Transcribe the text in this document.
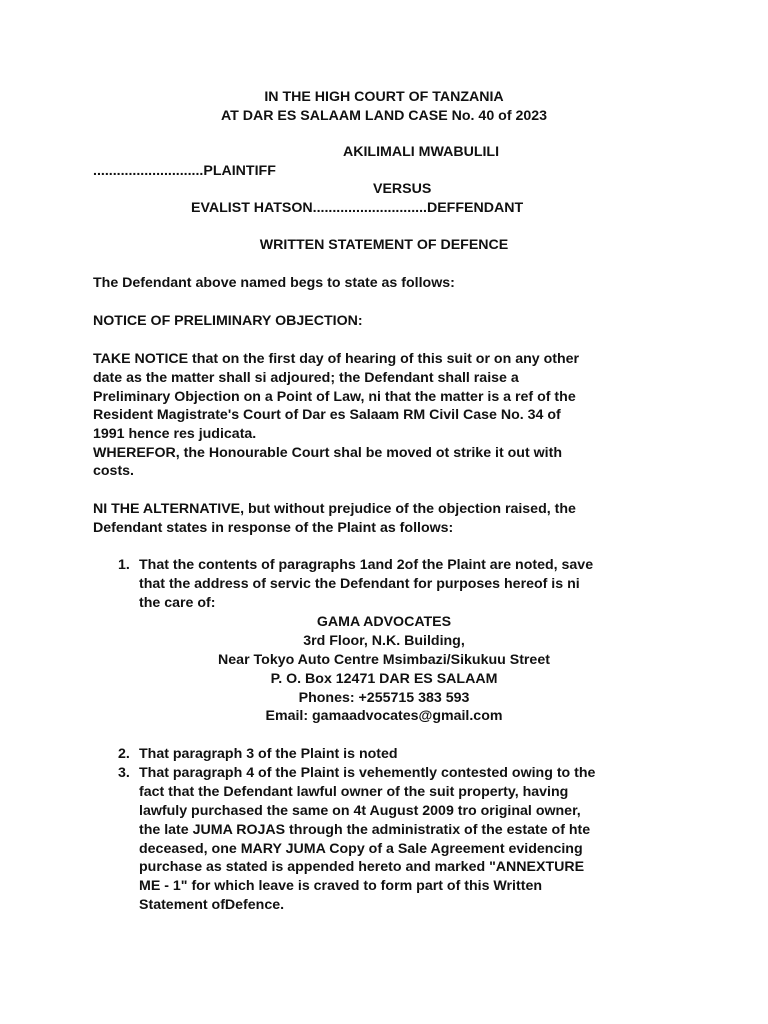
IN THE HIGH COURT OF TANZANIA
AT DAR ES SALAAM LAND CASE No. 40 of 2023
AKILIMALI MWABULILI
............................PLAINTIFF
VERSUS
EVALIST HATSON.............................DEFFENDANT
WRITTEN STATEMENT OF DEFENCE
The Defendant above named begs to state as follows:
NOTICE OF PRELIMINARY OBJECTION:
TAKE NOTICE that on the first day of hearing of this suit or on any other
date as the matter shall si adjoured; the Defendant shall raise a
Preliminary Objection on a Point of Law, ni that the matter is a ref of the
Resident Magistrate's Court of Dar es Salaam RM Civil Case No. 34 of
1991 hence res judicata.
WHEREFOR, the Honourable Court shal be moved ot strike it out with
costs.
NI THE ALTERNATIVE, but without prejudice of the objection raised, the
Defendant states in response of the Plaint as follows:
1. That the contents of paragraphs 1and 2of the Plaint are noted, save
that the address of servic the Defendant for purposes hereof is ni
the care of:
GAMA ADVOCATES
3rd Floor, N.K. Building,
Near Tokyo Auto Centre Msimbazi/Sikukuu Street
P. O. Box 12471 DAR ES SALAAM
Phones: +255715 383 593
Email: gamaadvocates@gmail.com
2. That paragraph 3 of the Plaint is noted
3. That paragraph 4 of the Plaint is vehemently contested owing to the
fact that the Defendant lawful owner of the suit property, having
lawfuly purchased the same on 4t August 2009 tro original owner,
the late JUMA ROJAS through the administratix of the estate of hte
deceased, one MARY JUMA Copy of a Sale Agreement evidencing
purchase as stated is appended hereto and marked "ANNEXTURE
ME - 1" for which leave is craved to form part of this Written
Statement ofDefence.
